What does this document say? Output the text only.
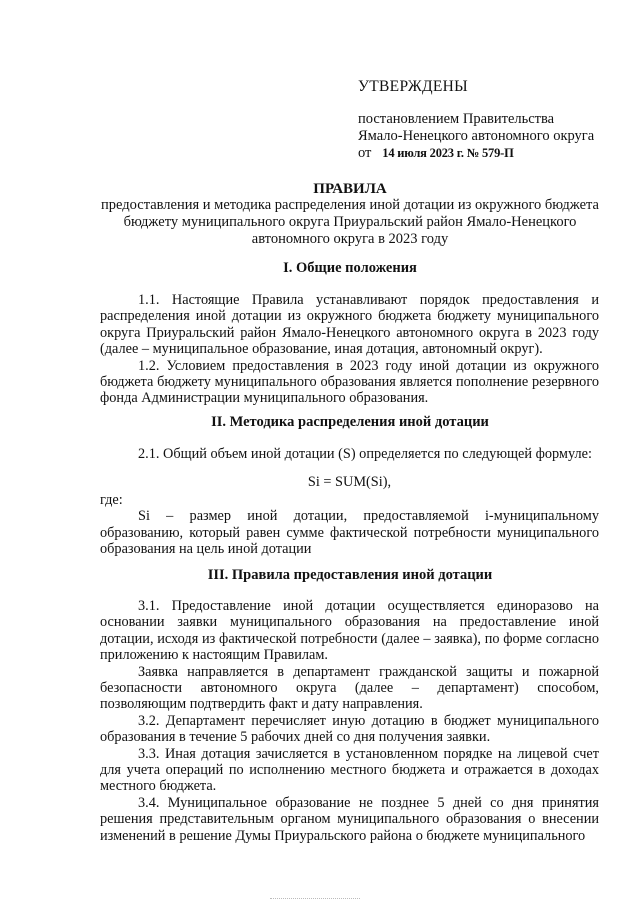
УТВЕРЖДЕНЫ
постановлением Правительства
Ямало-Ненецкого автономного округа
от 14 июля 2023 г. № 579-П
ПРАВИЛА
предоставления и методика распределения иной дотации из окружного бюджета бюджету муниципального округа Приуральский район Ямало-Ненецкого автономного округа в 2023 году
I. Общие положения

1.1. Настоящие Правила устанавливают порядок предоставления и распределения иной дотации из окружного бюджета бюджету муниципального округа Приуральский район Ямало-Ненецкого автономного округа в 2023 году (далее – муниципальное образование, иная дотация, автономный округ).

1.2. Условием предоставления в 2023 году иной дотации из окружного бюджета бюджету муниципального образования является пополнение резервного фонда Администрации муниципального образования.

II. Методика распределения иной дотации

2.1. Общий объем иной дотации (S) определяется по следующей формуле:

Si = SUM(Si),

где:

Si – размер иной дотации, предоставляемой i-муниципальному образованию, который равен сумме фактической потребности муниципального образования на цель иной дотации

III. Правила предоставления иной дотации

3.1. Предоставление иной дотации осуществляется единоразово на основании заявки муниципального образования на предоставление иной дотации, исходя из фактической потребности (далее – заявка), по форме согласно приложению к настоящим Правилам.

Заявка направляется в департамент гражданской защиты и пожарной безопасности автономного округа (далее – департамент) способом, позволяющим подтвердить факт и дату направления.

3.2. Департамент перечисляет иную дотацию в бюджет муниципального образования в течение 5 рабочих дней со дня получения заявки.

3.3. Иная дотация зачисляется в установленном порядке на лицевой счет для учета операций по исполнению местного бюджета и отражается в доходах местного бюджета.

3.4. Муниципальное образование не позднее 5 дней со дня принятия решения представительным органом муниципального образования о внесении изменений в решение Думы Приуральского района о бюджете муниципального
